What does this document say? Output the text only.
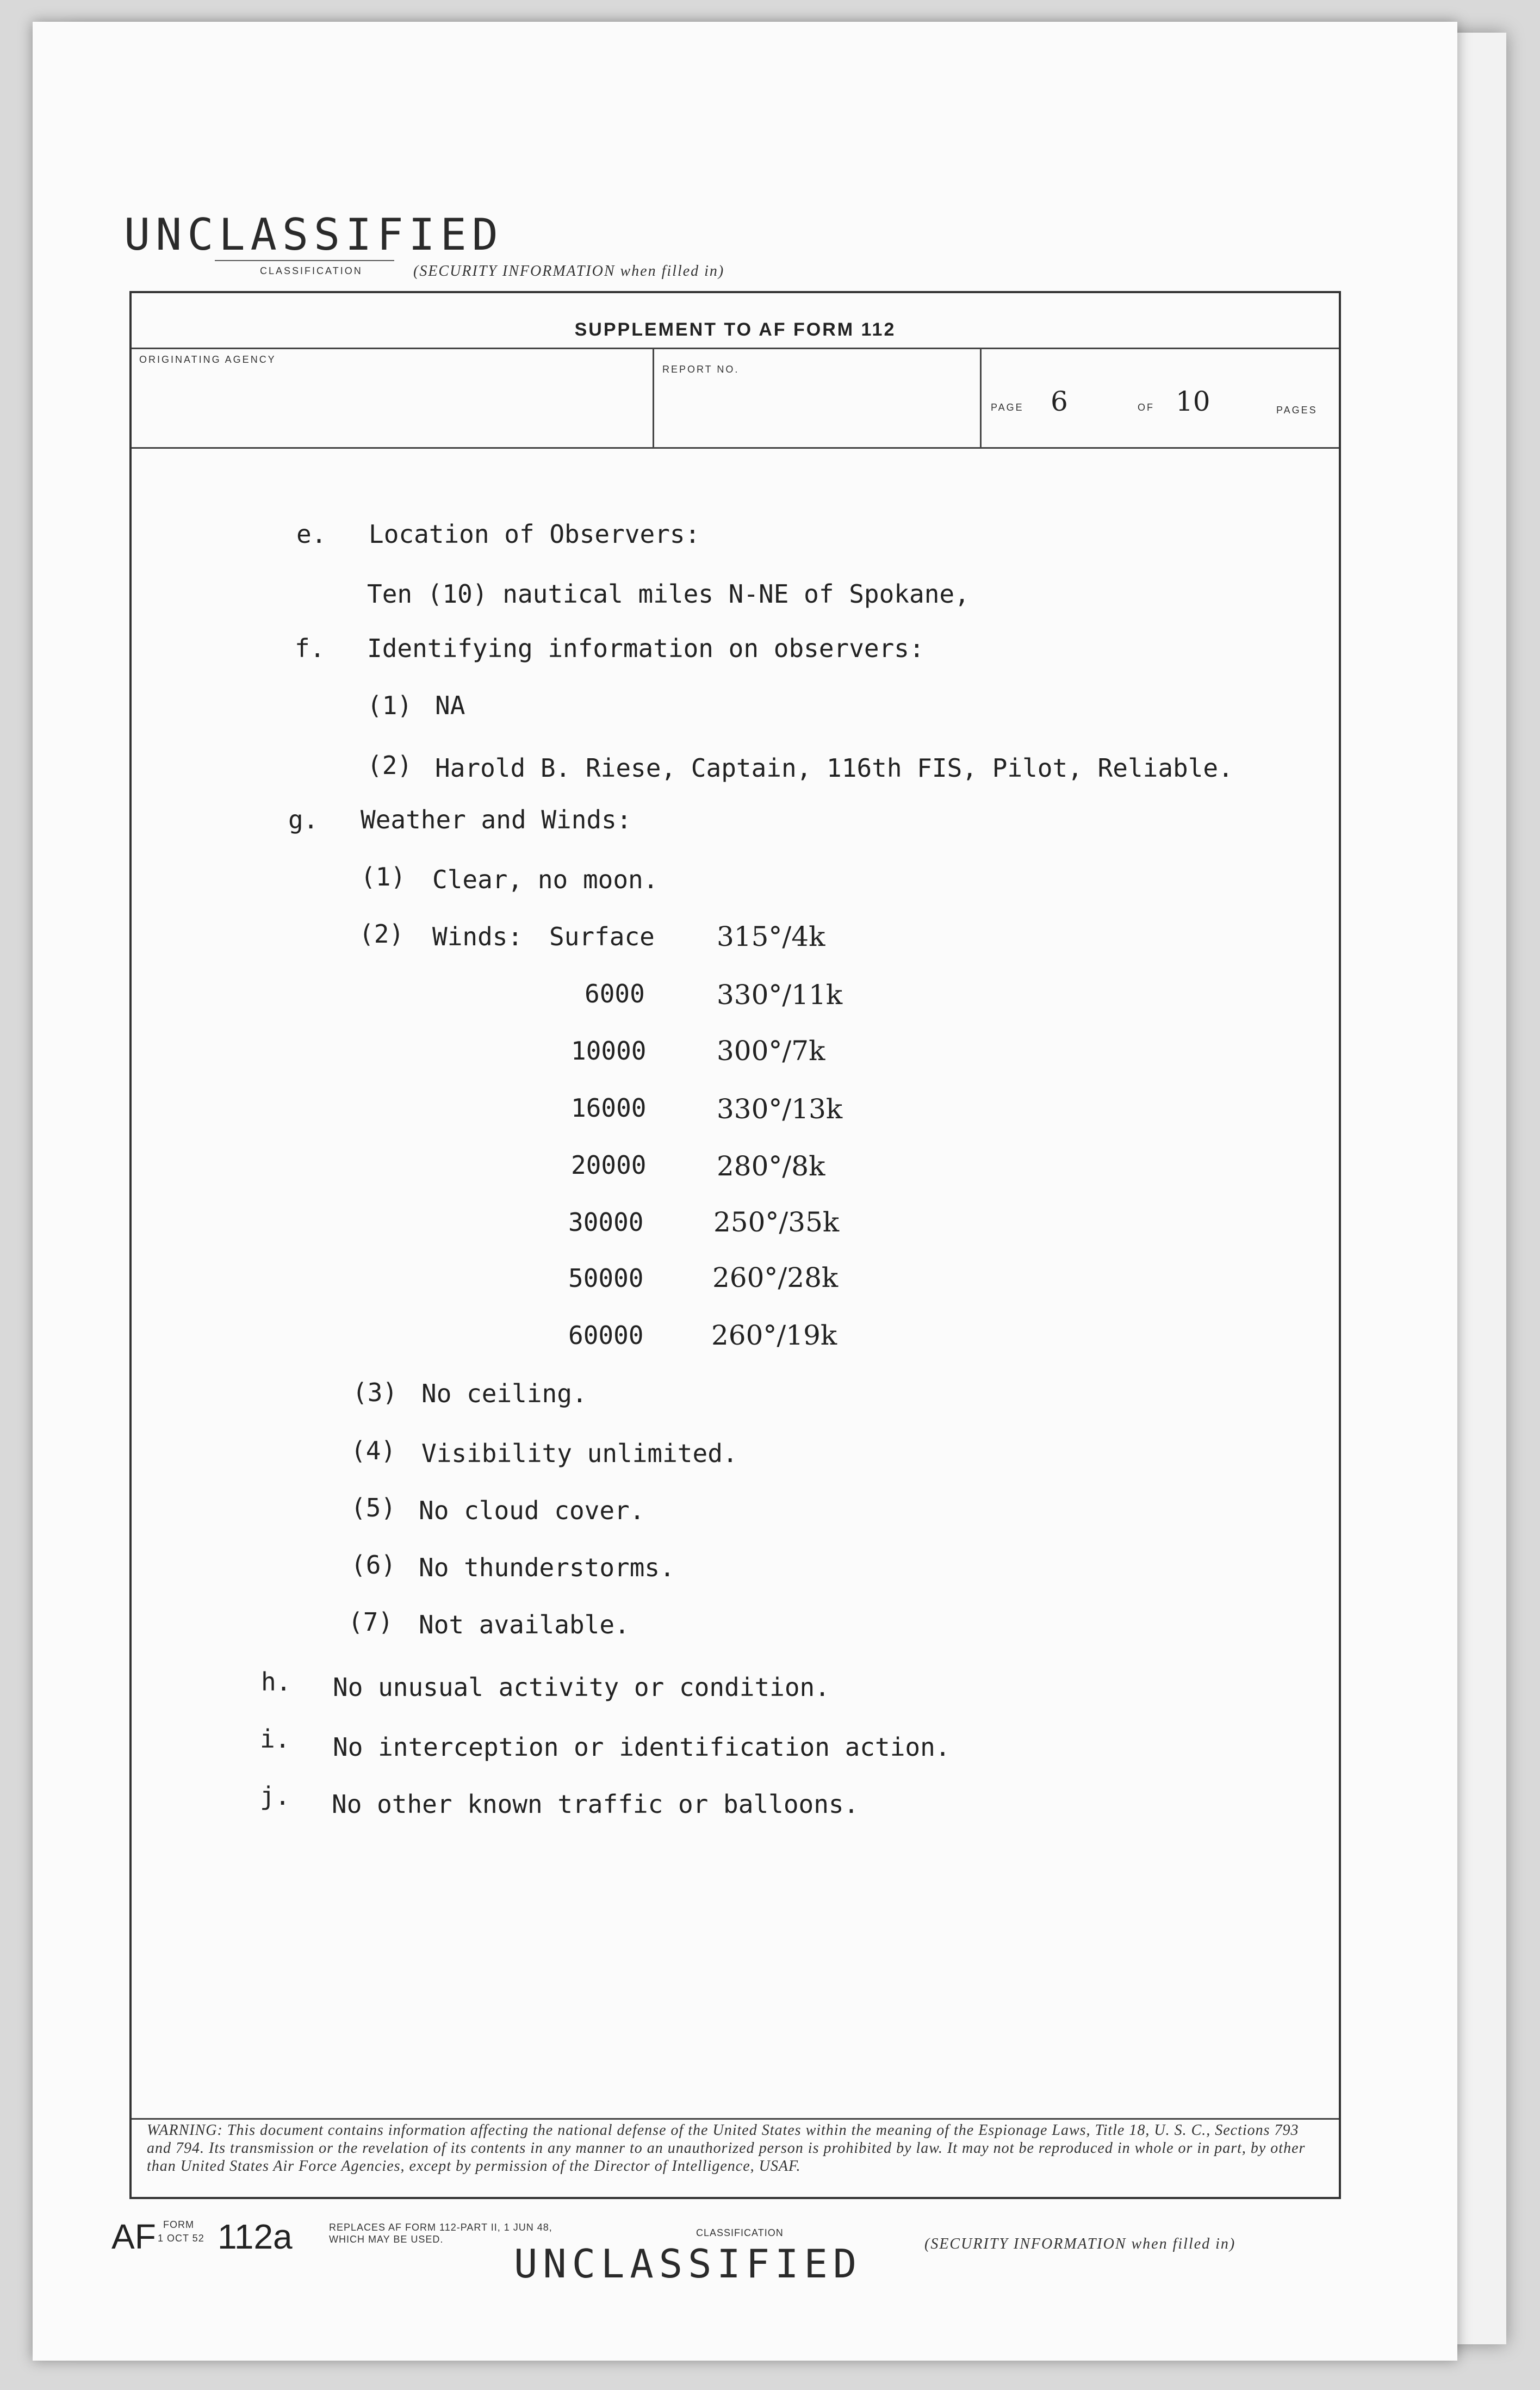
UNCLASSIFIED
CLASSIFICATION	(SECURITY INFORMATION when filled in)
SUPPLEMENT TO AF FORM 112
ORIGINATING AGENCY
REPORT NO.
PAGE 6	OF 10	PAGES
e. Location of Observers:
Ten (10) nautical miles N-NE of Spokane,
f. Identifying information on observers:
(1) NA
(2) Harold B. Riese, Captain, 116th FIS, Pilot, Reliable.
g. Weather and Winds:
(1) Clear, no moon.
(2) Winds: Surface 315°/4k
6000	330°/11k
10000	300°/7k
16000	330°/13k
20000	280°/8k
30000	250°/35k
50000	260°/28k
60000 260°/19k
(3) No ceiling.
(4) Visibility unlimited.
(5) No cloud cover.
(6) No thunderstorms.
(7) Not available.
h. No unusual activity or condition.
i. No interception or identification action.
j. No other known traffic or balloons.
WARNING: This document contains information affecting the national defense of the United States within the meaning of the Espionage Laws, Title 18, U. S. C., Sections 793 and 794. Its transmission or the revelation of its contents in any manner to an unauthorized person is prohibited by law. It may not be reproduced in whole or in part, by other than United States Air Force Agencies, except by permission of the Director of Intelligence, USAF.
AF FORM
1 OCT 52 112a	REPLACES AF FORM 112-PART II, 1 JUN 48,
WHICH MAY BE USED.
CLASSIFICATION
UNCLASSIFIED	(SECURITY INFORMATION when filled in)
